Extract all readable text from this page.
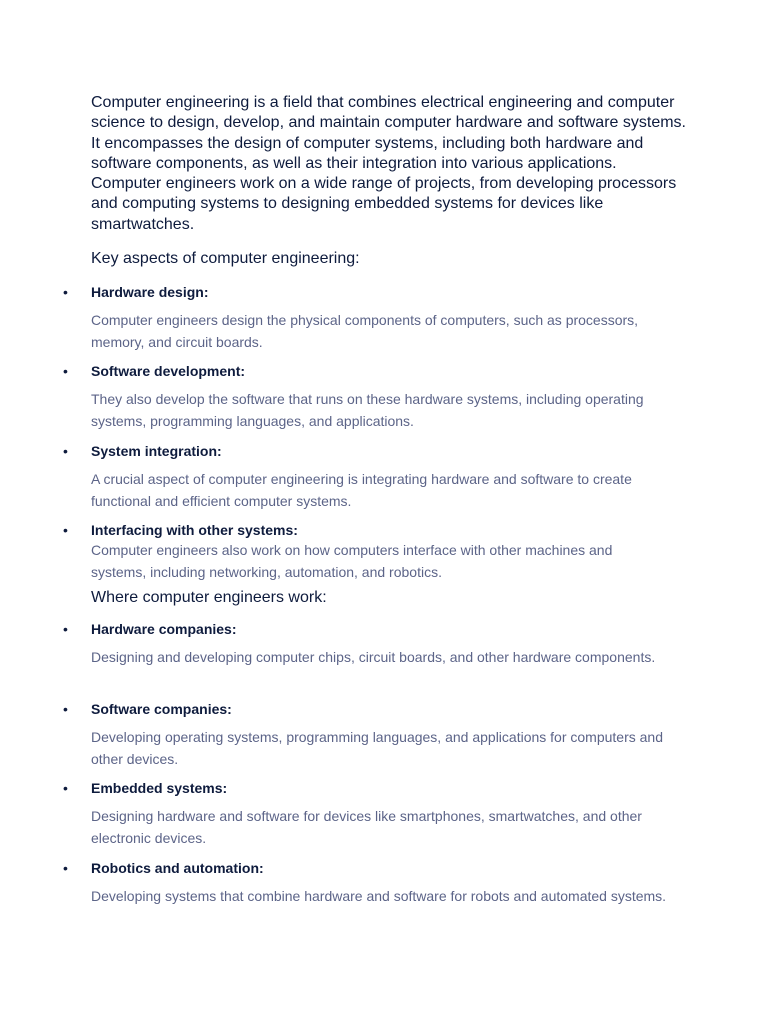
Computer engineering is a field that combines electrical engineering and computer science to design, develop, and maintain computer hardware and software systems. It encompasses the design of computer systems, including both hardware and software components, as well as their integration into various applications. Computer engineers work on a wide range of projects, from developing processors and computing systems to designing embedded systems for devices like smartwatches.

Key aspects of computer engineering:

•	Hardware design:

Computer engineers design the physical components of computers, such as processors, memory, and circuit boards.

•	Software development:

They also develop the software that runs on these hardware systems, including operating systems, programming languages, and applications.

•	System integration:

A crucial aspect of computer engineering is integrating hardware and software to create functional and efficient computer systems.

•	Interfacing with other systems:

Computer engineers also work on how computers interface with other machines and systems, including networking, automation, and robotics.

Where computer engineers work:

•	Hardware companies:

Designing and developing computer chips, circuit boards, and other hardware components.

•	Software companies:

Developing operating systems, programming languages, and applications for computers and other devices.

•	Embedded systems:

Designing hardware and software for devices like smartphones, smartwatches, and other electronic devices.

•	Robotics and automation:

Developing systems that combine hardware and software for robots and automated systems.
